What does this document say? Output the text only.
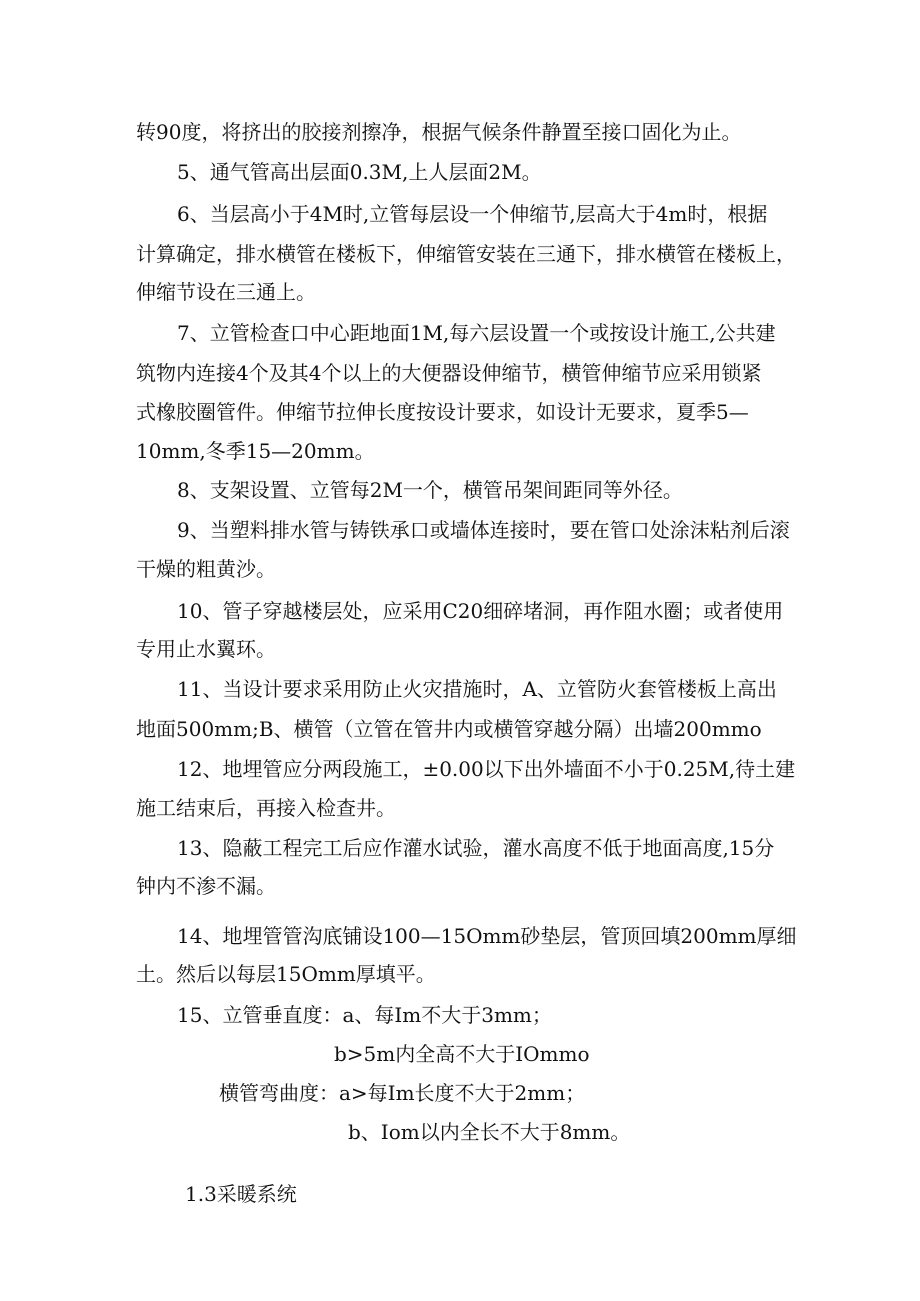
转90度，将挤出的胶接剂擦净，根据气候条件静置至接口固化为止。

5、通气管高出层面0.3M,上人层面2M。

6、当层高小于4M时,立管每层设一个伸缩节,层高大于4m时，根据

计算确定，排水横管在楼板下，伸缩管安装在三通下，排水横管在楼板上，

伸缩节设在三通上。

7、立管检查口中心距地面1M,每六层设置一个或按设计施工,公共建

筑物内连接4个及其4个以上的大便器设伸缩节，横管伸缩节应采用锁紧

式橡胶圈管件。伸缩节拉伸长度按设计要求，如设计无要求，夏季5—

10mm,冬季15—20mm。

8、支架设置、立管每2M一个，横管吊架间距同等外径。

9、当塑料排水管与铸铁承口或墙体连接时，要在管口处涂沫粘剂后滚

干燥的粗黄沙。

10、管子穿越楼层处，应采用C20细碎堵洞，再作阻水圈；或者使用

专用止水翼环。

11、当设计要求采用防止火灾措施时，A、立管防火套管楼板上高出

地面500mm;B、横管（立管在管井内或横管穿越分隔）出墙200mmo

12、地埋管应分两段施工，±0.00以下出外墙面不小于0.25M,待土建

施工结束后，再接入检查井。

13、隐蔽工程完工后应作灌水试验，灌水高度不低于地面高度,15分

钟内不渗不漏。

14、地埋管管沟底铺设100—15Omm砂垫层，管顶回填200mm厚细

土。然后以每层15Omm厚填平。

15、立管垂直度：a、每Im不大于3mm；

b>5m内全高不大于IOmmo

横管弯曲度：a>每Im长度不大于2mm；

b、Iom以内全长不大于8mm。

1.3采暖系统
